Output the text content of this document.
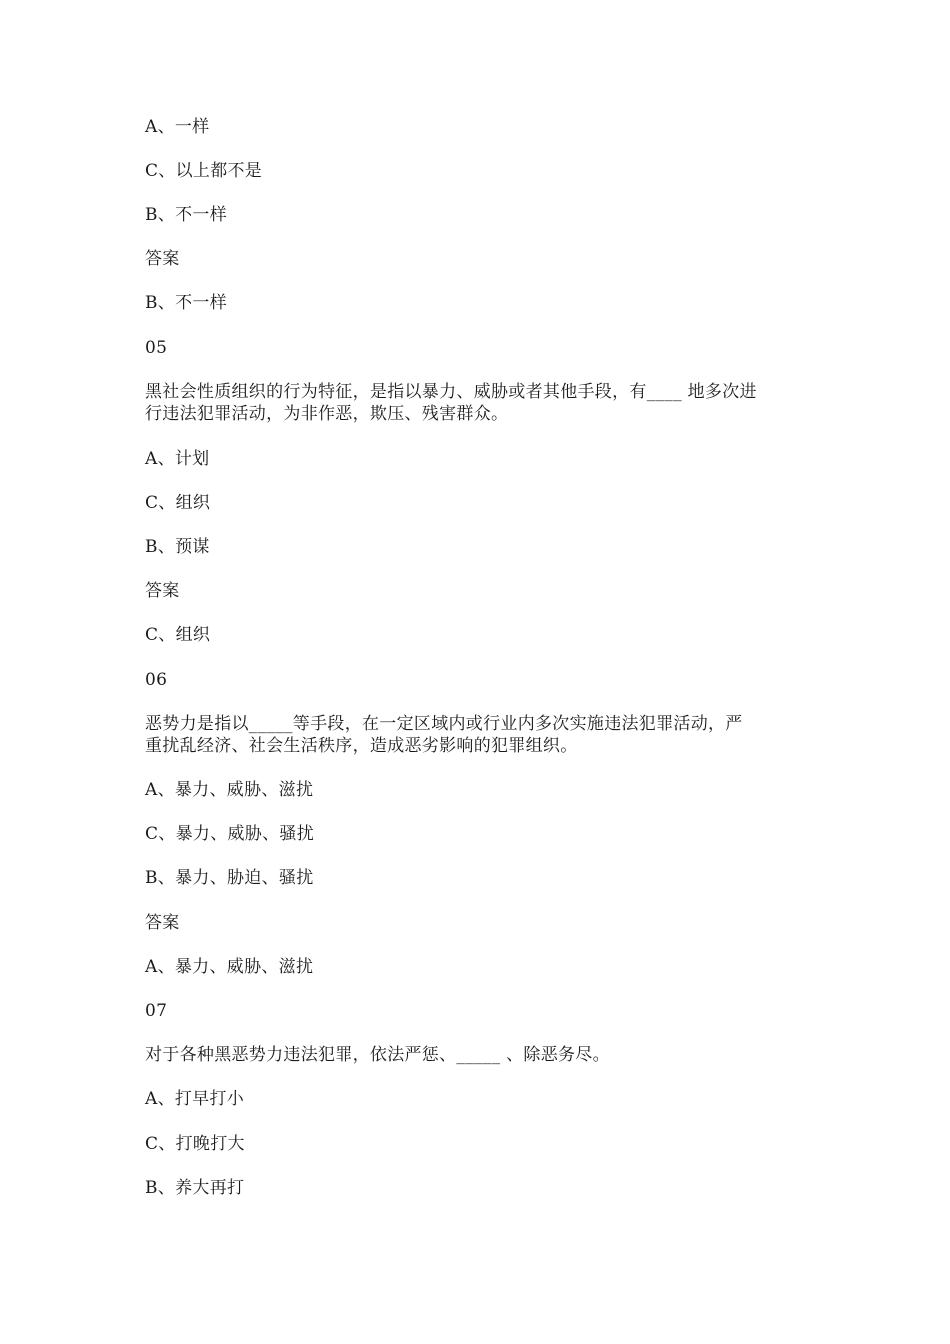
A、一样
C、以上都不是
B、不一样
答案
B、不一样
05
黑社会性质组织的行为特征，是指以暴力、威胁或者其他手段，有____ 地多次进
行违法犯罪活动，为非作恶，欺压、残害群众。
A、计划
C、组织
B、预谋
答案
C、组织
06
恶势力是指以_____等手段，在一定区域内或行业内多次实施违法犯罪活动，严
重扰乱经济、社会生活秩序，造成恶劣影响的犯罪组织。
A、暴力、威胁、滋扰
C、暴力、威胁、骚扰
B、暴力、胁迫、骚扰
答案
A、暴力、威胁、滋扰
07
对于各种黑恶势力违法犯罪，依法严惩、_____ 、除恶务尽。
A、打早打小
C、打晚打大
B、养大再打
